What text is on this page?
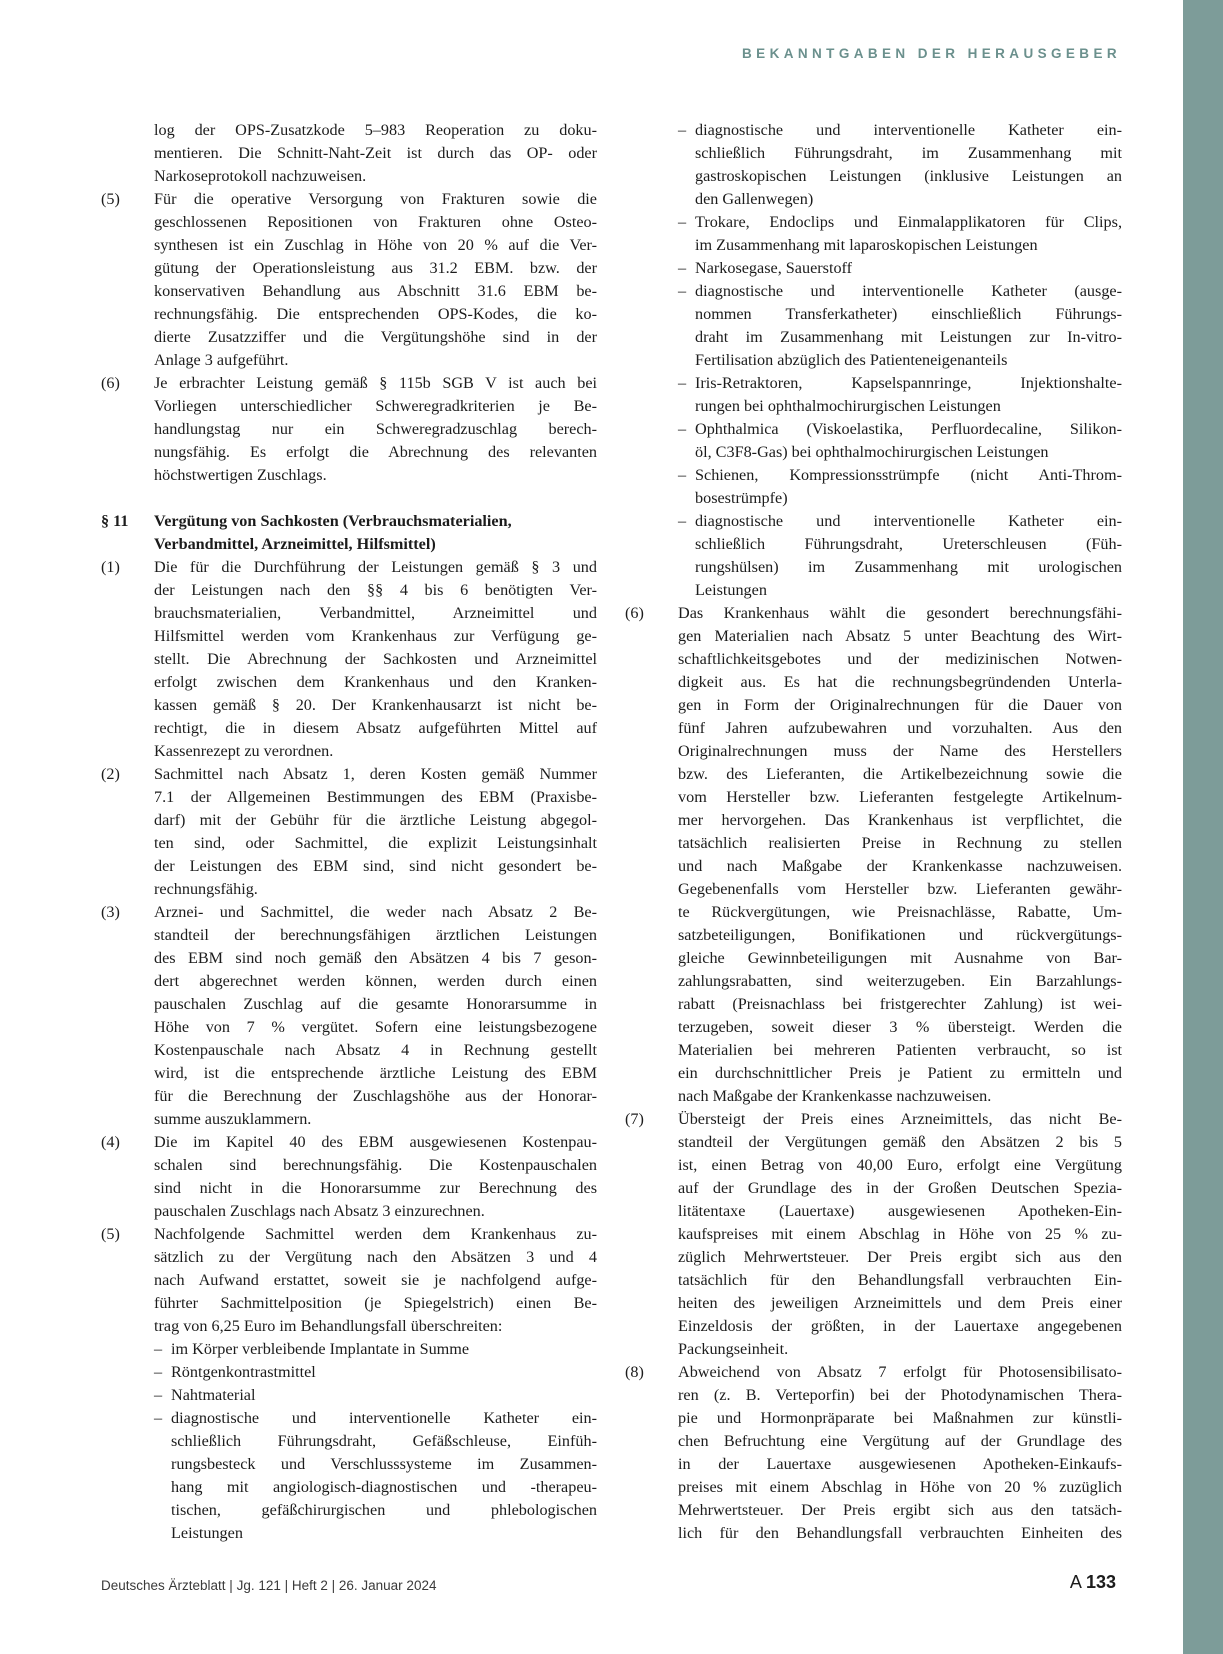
BEKANNTGABEN DER HERAUSGEBER
log der OPS-Zusatzkode 5–983 Reoperation zu doku-
mentieren. Die Schnitt-Naht-Zeit ist durch das OP- oder
Narkoseprotokoll nachzuweisen.
(5) Für die operative Versorgung von Frakturen sowie die
geschlossenen Repositionen von Frakturen ohne Osteo-
synthesen ist ein Zuschlag in Höhe von 20 % auf die Ver-
gütung der Operationsleistung aus 31.2 EBM. bzw. der
konservativen Behandlung aus Abschnitt 31.6 EBM be-
rechnungsfähig. Die entsprechenden OPS-Kodes, die ko-
dierte Zusatzziffer und die Vergütungshöhe sind in der
Anlage 3 aufgeführt.
(6) Je erbrachter Leistung gemäß § 115b SGB V ist auch bei
Vorliegen unterschiedlicher Schweregradkriterien je Be-
handlungstag nur ein Schweregradzuschlag berech-
nungsfähig. Es erfolgt die Abrechnung des relevanten
höchstwertigen Zuschlags.
§ 11 Vergütung von Sachkosten (Verbrauchsmaterialien,
Verbandmittel, Arzneimittel, Hilfsmittel)
(1) Die für die Durchführung der Leistungen gemäß § 3 und
der Leistungen nach den §§ 4 bis 6 benötigten Ver-
brauchsmaterialien, Verbandmittel, Arzneimittel und
Hilfsmittel werden vom Krankenhaus zur Verfügung ge-
stellt. Die Abrechnung der Sachkosten und Arzneimittel
erfolgt zwischen dem Krankenhaus und den Kranken-
kassen gemäß § 20. Der Krankenhausarzt ist nicht be-
rechtigt, die in diesem Absatz aufgeführten Mittel auf
Kassenrezept zu verordnen.
(2) Sachmittel nach Absatz 1, deren Kosten gemäß Nummer
7.1 der Allgemeinen Bestimmungen des EBM (Praxisbe-
darf) mit der Gebühr für die ärztliche Leistung abgegol-
ten sind, oder Sachmittel, die explizit Leistungsinhalt
der Leistungen des EBM sind, sind nicht gesondert be-
rechnungsfähig.
(3) Arznei- und Sachmittel, die weder nach Absatz 2 Be-
standteil der berechnungsfähigen ärztlichen Leistungen
des EBM sind noch gemäß den Absätzen 4 bis 7 geson-
dert abgerechnet werden können, werden durch einen
pauschalen Zuschlag auf die gesamte Honorarsumme in
Höhe von 7 % vergütet. Sofern eine leistungsbezogene
Kostenpauschale nach Absatz 4 in Rechnung gestellt
wird, ist die entsprechende ärztliche Leistung des EBM
für die Berechnung der Zuschlagshöhe aus der Honorar-
summe auszuklammern.
(4) Die im Kapitel 40 des EBM ausgewiesenen Kostenpau-
schalen sind berechnungsfähig. Die Kostenpauschalen
sind nicht in die Honorarsumme zur Berechnung des
pauschalen Zuschlags nach Absatz 3 einzurechnen.
(5) Nachfolgende Sachmittel werden dem Krankenhaus zu-
sätzlich zu der Vergütung nach den Absätzen 3 und 4
nach Aufwand erstattet, soweit sie je nachfolgend aufge-
führter Sachmittelposition (je Spiegelstrich) einen Be-
trag von 6,25 Euro im Behandlungsfall überschreiten:
– im Körper verbleibende Implantate in Summe
– Röntgenkontrastmittel
– Nahtmaterial
– diagnostische und interventionelle Katheter ein-
schließlich Führungsdraht, Gefäßschleuse, Einfüh-
rungsbesteck und Verschlusssysteme im Zusammen-
hang mit angiologisch-diagnostischen und -therapeu-
tischen, gefäßchirurgischen und phlebologischen
Leistungen
– diagnostische und interventionelle Katheter ein-
schließlich Führungsdraht, im Zusammenhang mit
gastroskopischen Leistungen (inklusive Leistungen an
den Gallenwegen)
– Trokare, Endoclips und Einmalapplikatoren für Clips,
im Zusammenhang mit laparoskopischen Leistungen
– Narkosegase, Sauerstoff
– diagnostische und interventionelle Katheter (ausge-
nommen Transferkatheter) einschließlich Führungs-
draht im Zusammenhang mit Leistungen zur In-vitro-
Fertilisation abzüglich des Patienteneigenanteils
– Iris-Retraktoren, Kapselspannringe, Injektionshalte-
rungen bei ophthalmochirurgischen Leistungen
– Ophthalmica (Viskoelastika, Perfluordecaline, Silikon-
öl, C3F8-Gas) bei ophthalmochirurgischen Leistungen
– Schienen, Kompressionsstrümpfe (nicht Anti-Throm-
bosestrümpfe)
– diagnostische und interventionelle Katheter ein-
schließlich Führungsdraht, Ureterschleusen (Füh-
rungshülsen) im Zusammenhang mit urologischen
Leistungen
(6) Das Krankenhaus wählt die gesondert berechnungsfähi-
gen Materialien nach Absatz 5 unter Beachtung des Wirt-
schaftlichkeitsgebotes und der medizinischen Notwen-
digkeit aus. Es hat die rechnungsbegründenden Unterla-
gen in Form der Originalrechnungen für die Dauer von
fünf Jahren aufzubewahren und vorzuhalten. Aus den
Originalrechnungen muss der Name des Herstellers
bzw. des Lieferanten, die Artikelbezeichnung sowie die
vom Hersteller bzw. Lieferanten festgelegte Artikelnum-
mer hervorgehen. Das Krankenhaus ist verpflichtet, die
tatsächlich realisierten Preise in Rechnung zu stellen
und nach Maßgabe der Krankenkasse nachzuweisen.
Gegebenenfalls vom Hersteller bzw. Lieferanten gewähr-
te Rückvergütungen, wie Preisnachlässe, Rabatte, Um-
satzbeteiligungen, Bonifikationen und rückvergütungs-
gleiche Gewinnbeteiligungen mit Ausnahme von Bar-
zahlungsrabatten, sind weiterzugeben. Ein Barzahlungs-
rabatt (Preisnachlass bei fristgerechter Zahlung) ist wei-
terzugeben, soweit dieser 3 % übersteigt. Werden die
Materialien bei mehreren Patienten verbraucht, so ist
ein durchschnittlicher Preis je Patient zu ermitteln und
nach Maßgabe der Krankenkasse nachzuweisen.
(7) Übersteigt der Preis eines Arzneimittels, das nicht Be-
standteil der Vergütungen gemäß den Absätzen 2 bis 5
ist, einen Betrag von 40,00 Euro, erfolgt eine Vergütung
auf der Grundlage des in der Großen Deutschen Spezia-
litätentaxe (Lauertaxe) ausgewiesenen Apotheken-Ein-
kaufspreises mit einem Abschlag in Höhe von 25 % zu-
züglich Mehrwertsteuer. Der Preis ergibt sich aus den
tatsächlich für den Behandlungsfall verbrauchten Ein-
heiten des jeweiligen Arzneimittels und dem Preis einer
Einzeldosis der größten, in der Lauertaxe angegebenen
Packungseinheit.
(8) Abweichend von Absatz 7 erfolgt für Photosensibilisato-
ren (z. B. Verteporfin) bei der Photodynamischen Thera-
pie und Hormonpräparate bei Maßnahmen zur künstli-
chen Befruchtung eine Vergütung auf der Grundlage des
in der Lauertaxe ausgewiesenen Apotheken-Einkaufs-
preises mit einem Abschlag in Höhe von 20 % zuzüglich
Mehrwertsteuer. Der Preis ergibt sich aus den tatsäch-
lich für den Behandlungsfall verbrauchten Einheiten des
Deutsches Ärzteblatt | Jg. 121 | Heft 2 | 26. Januar 2024	A 133
